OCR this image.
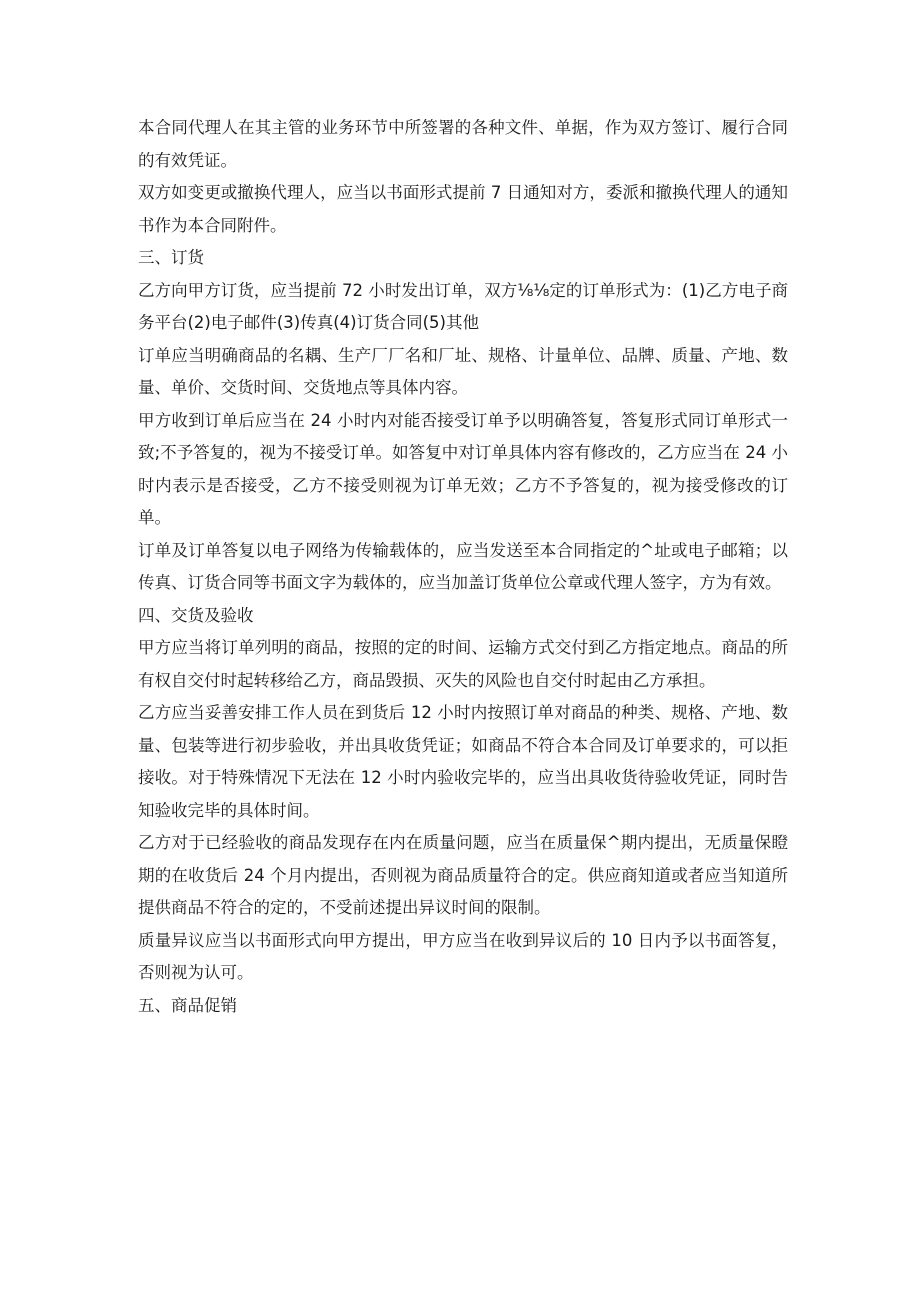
本合同代理人在其主管的业务环节中所签署的各种文件、单据，作为双方签订、履行合同的有效凭证。

双方如变更或撤换代理人，应当以书面形式提前 7 日通知对方，委派和撤换代理人的通知书作为本合同附件。

三、订货

乙方向甲方订货，应当提前 72 小时发出订单，双方⅛⅛定的订单形式为：(1)乙方电子商务平台(2)电子邮件(3)传真(4)订货合同(5)其他

订单应当明确商品的名耦、生产厂厂名和厂址、规格、计量单位、品牌、质量、产地、数量、单价、交货时间、交货地点等具体内容。

甲方收到订单后应当在 24 小时内对能否接受订单予以明确答复，答复形式同订单形式一致;不予答复的，视为不接受订单。如答复中对订单具体内容有修改的，乙方应当在 24 小时内表示是否接受，乙方不接受则视为订单无效；乙方不予答复的，视为接受修改的订单。

订单及订单答复以电子网络为传输载体的，应当发送至本合同指定的^址或电子邮箱；以传真、订货合同等书面文字为载体的，应当加盖订货单位公章或代理人签字，方为有效。

四、交货及验收

甲方应当将订单列明的商品，按照的定的时间、运输方式交付到乙方指定地点。商品的所有权自交付时起转移给乙方，商品毁损、灭失的风险也自交付时起由乙方承担。

乙方应当妥善安排工作人员在到货后 12 小时内按照订单对商品的种类、规格、产地、数量、包装等进行初步验收，并出具收货凭证；如商品不符合本合同及订单要求的，可以拒接收。对于特殊情况下无法在 12 小时内验收完毕的，应当出具收货待验收凭证，同时告知验收完毕的具体时间。

乙方对于已经验收的商品发现存在内在质量问题，应当在质量保^期内提出，无质量保瞪期的在收货后 24 个月内提出，否则视为商品质量符合的定。供应商知道或者应当知道所提供商品不符合的定的，不受前述提出异议时间的限制。

质量异议应当以书面形式向甲方提出，甲方应当在收到异议后的 10 日内予以书面答复，否则视为认可。

五、商品促销
